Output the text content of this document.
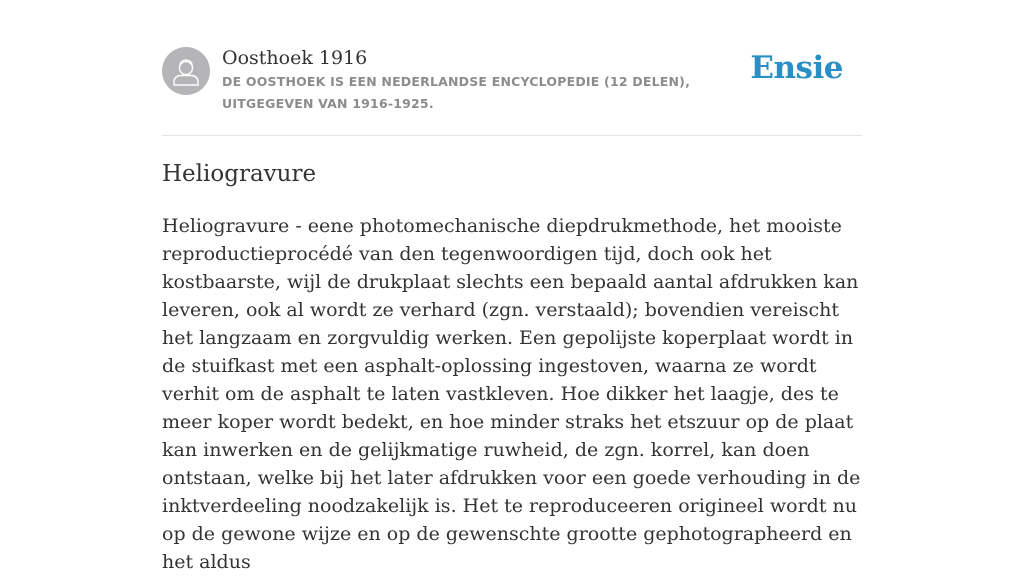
Oosthoek 1916

DE OOSTHOEK IS EEN NEDERLANDSE ENCYCLOPEDIE (12 DELEN), UITGEGEVEN VAN 1916-1925.

Ensie
Heliogravure

Heliogravure - eene photomechanische diepdrukmethode, het mooiste reproductieprocédé van den tegenwoordigen tijd, doch ook het kostbaarste, wijl de drukplaat slechts een bepaald aantal afdrukken kan leveren, ook al wordt ze verhard (zgn. verstaald); bovendien vereischt het langzaam en zorgvuldig werken. Een gepolijste koperplaat wordt in de stuifkast met een asphalt-oplossing ingestoven, waarna ze wordt verhit om de asphalt te laten vastkleven. Hoe dikker het laagje, des te meer koper wordt bedekt, en hoe minder straks het etszuur op de plaat kan inwerken en de gelijkmatige ruwheid, de zgn. korrel, kan doen ontstaan, welke bij het later afdrukken voor een goede verhouding in de inktverdeeling noodzakelijk is. Het te reproduceeren origineel wordt nu op de gewone wijze en op de gewenschte grootte gephotographeerd en het aldus
